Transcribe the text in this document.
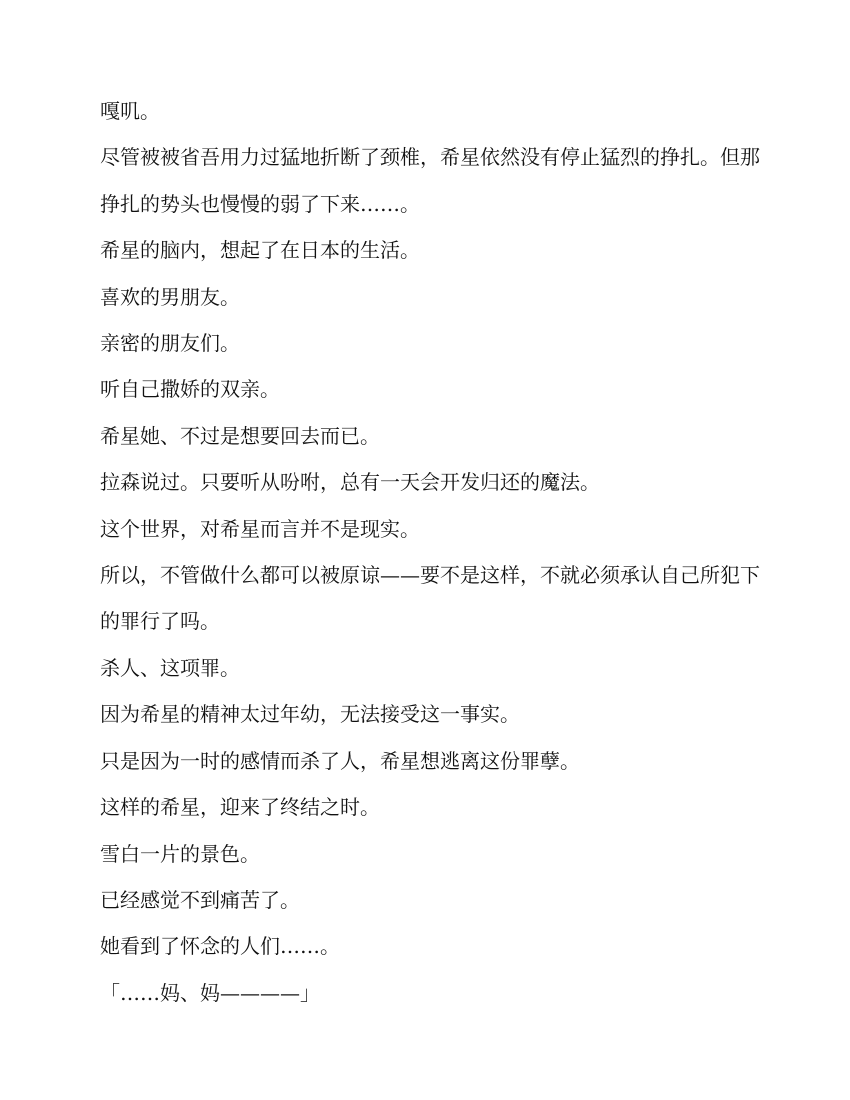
嘎叽。

尽管被被省吾用力过猛地折断了颈椎，希星依然没有停止猛烈的挣扎。但那挣扎的势头也慢慢的弱了下来……。

希星的脑内，想起了在日本的生活。

喜欢的男朋友。

亲密的朋友们。

听自己撒娇的双亲。

希星她、不过是想要回去而已。

拉森说过。只要听从吩咐，总有一天会开发归还的魔法。

这个世界，对希星而言并不是现实。

所以，不管做什么都可以被原谅——要不是这样，不就必须承认自己所犯下的罪行了吗。

杀人、这项罪。

因为希星的精神太过年幼，无法接受这一事实。

只是因为一时的感情而杀了人，希星想逃离这份罪孽。

这样的希星，迎来了终结之时。

雪白一片的景色。

已经感觉不到痛苦了。

她看到了怀念的人们……。

「……妈、妈————」
